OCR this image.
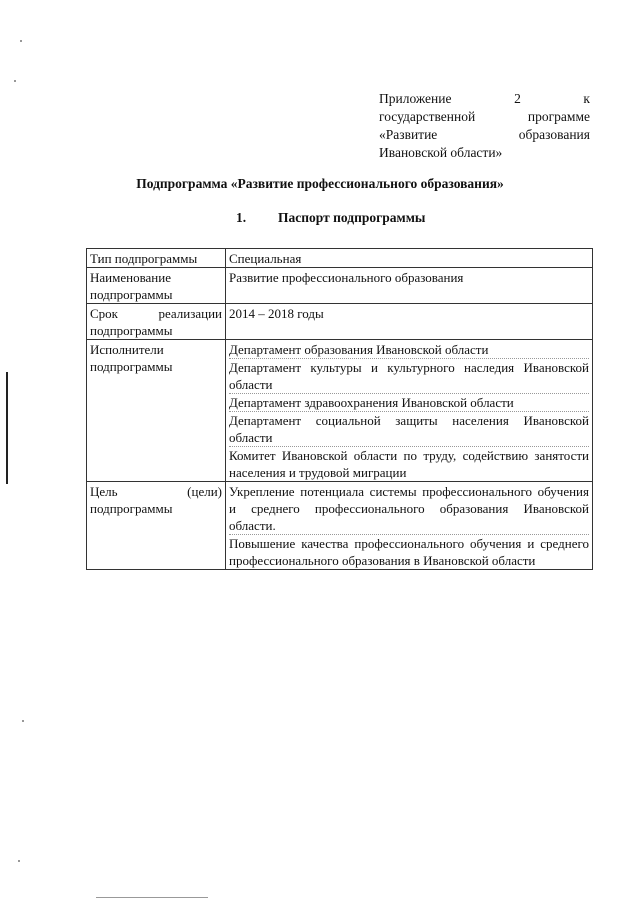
Приложение 2 к
государственной программе
«Развитие образования
Ивановской области»
Подпрограмма «Развитие профессионального образования»
1. Паспорт подпрограммы
Тип подпрограммы	Специальная

Наименование
подпрограммы	Развитие профессионального образования

Срок реализации
подпрограммы	2014 – 2018 годы

Исполнители
подпрограммы	Департамент образования Ивановской области
Департамент культуры и культурного наследия Ивановской области
Департамент здравоохранения Ивановской области
Департамент социальной защиты населения Ивановской области
Комитет Ивановской области по труду, содействию занятости населения и трудовой миграции

Цель (цели)
подпрограммы	Укрепление потенциала системы профессионального обучения и среднего профессионального образования Ивановской области.
Повышение качества профессионального обучения и среднего профессионального образования в Ивановской области
